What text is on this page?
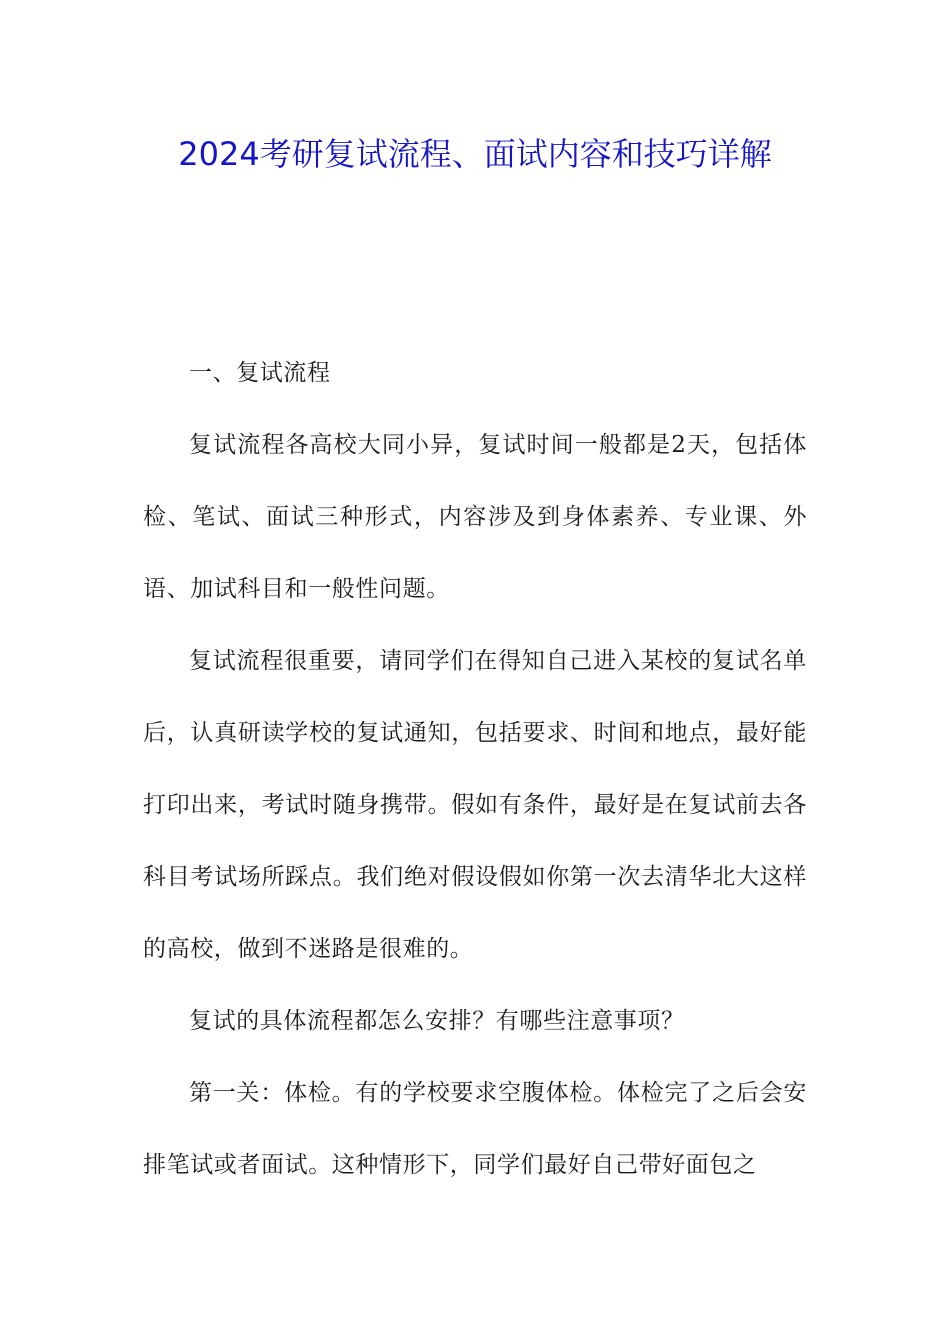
2024考研复试流程、面试内容和技巧详解

一、复试流程

复试流程各高校大同小异，复试时间一般都是2天，包括体检、笔试、面试三种形式，内容涉及到身体素养、专业课、外语、加试科目和一般性问题。

复试流程很重要，请同学们在得知自己进入某校的复试名单后，认真研读学校的复试通知，包括要求、时间和地点，最好能打印出来，考试时随身携带。假如有条件，最好是在复试前去各科目考试场所踩点。我们绝对假设假如你第一次去清华北大这样的高校，做到不迷路是很难的。

复试的具体流程都怎么安排？有哪些注意事项？

第一关：体检。有的学校要求空腹体检。体检完了之后会安排笔试或者面试。这种情形下，同学们最好自己带好面包之
